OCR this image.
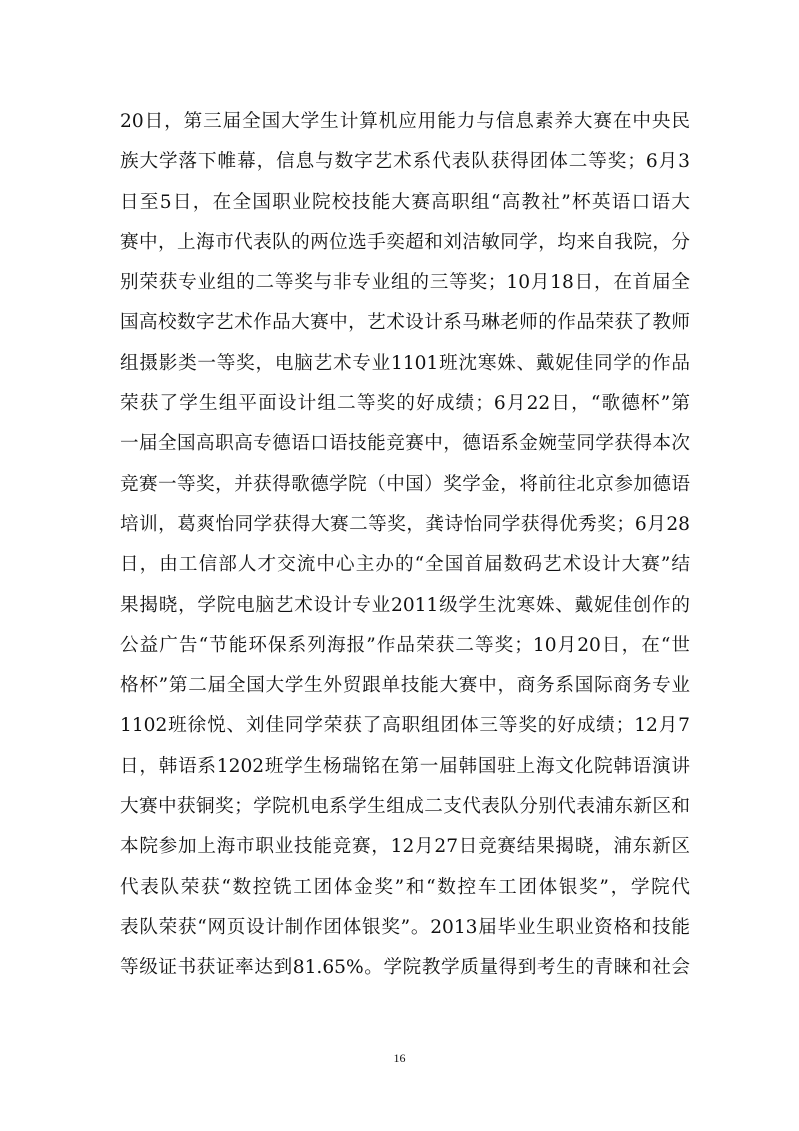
20日，第三届全国大学生计算机应用能力与信息素养大赛在中央民
族大学落下帷幕，信息与数字艺术系代表队获得团体二等奖；6月3
日至5日，在全国职业院校技能大赛高职组“高教社”杯英语口语大
赛中，上海市代表队的两位选手奕超和刘洁敏同学，均来自我院，分
别荣获专业组的二等奖与非专业组的三等奖；10月18日，在首届全
国高校数字艺术作品大赛中，艺术设计系马琳老师的作品荣获了教师
组摄影类一等奖，电脑艺术专业1101班沈寒姝、戴妮佳同学的作品
荣获了学生组平面设计组二等奖的好成绩；6月22日，“歌德杯”第
一届全国高职高专德语口语技能竞赛中，德语系金婉莹同学获得本次
竞赛一等奖，并获得歌德学院（中国）奖学金，将前往北京参加德语
培训，葛爽怡同学获得大赛二等奖，龚诗怡同学获得优秀奖；6月28
日，由工信部人才交流中心主办的“全国首届数码艺术设计大赛”结
果揭晓，学院电脑艺术设计专业2011级学生沈寒姝、戴妮佳创作的
公益广告“节能环保系列海报”作品荣获二等奖；10月20日，在“世
格杯”第二届全国大学生外贸跟单技能大赛中，商务系国际商务专业
1102班徐悦、刘佳同学荣获了高职组团体三等奖的好成绩；12月7
日，韩语系1202班学生杨瑞铭在第一届韩国驻上海文化院韩语演讲
大赛中获铜奖；学院机电系学生组成二支代表队分别代表浦东新区和
本院参加上海市职业技能竞赛，12月27日竞赛结果揭晓，浦东新区
代表队荣获“数控铣工团体金奖”和“数控车工团体银奖”，学院代
表队荣获“网页设计制作团体银奖”。2013届毕业生职业资格和技能
等级证书获证率达到81.65%。学院教学质量得到考生的青睐和社会
16
